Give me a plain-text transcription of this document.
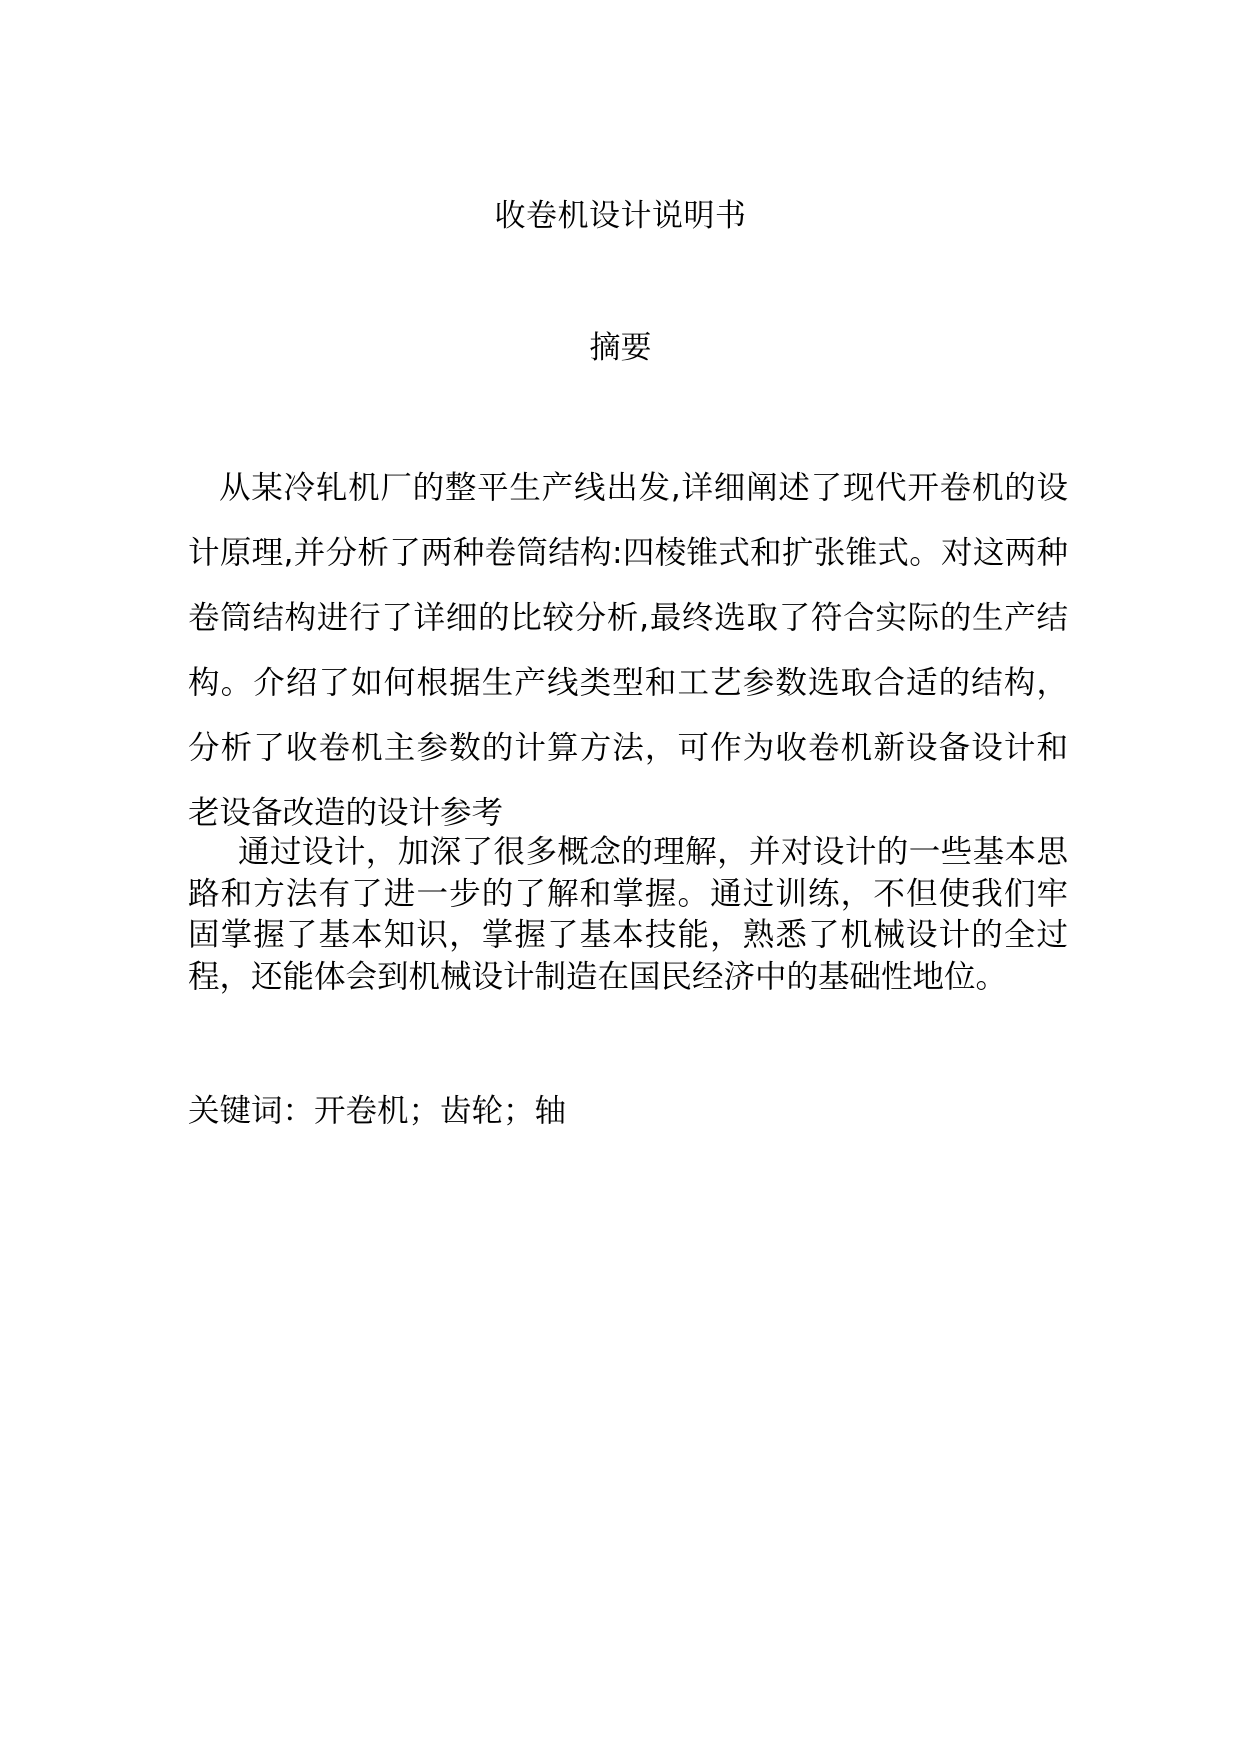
收卷机设计说明书
摘要

从某冷轧机厂的整平生产线出发,详细阐述了现代开卷机的设计原理,并分析了两种卷筒结构:四棱锥式和扩张锥式。对这两种卷筒结构进行了详细的比较分析,最终选取了符合实际的生产结构。介绍了如何根据生产线类型和工艺参数选取合适的结构，分析了收卷机主参数的计算方法，可作为收卷机新设备设计和老设备改造的设计参考

通过设计，加深了很多概念的理解，并对设计的一些基本思路和方法有了进一步的了解和掌握。通过训练，不但使我们牢固掌握了基本知识，掌握了基本技能，熟悉了机械设计的全过程，还能体会到机械设计制造在国民经济中的基础性地位。

关键词：开卷机；齿轮；轴
